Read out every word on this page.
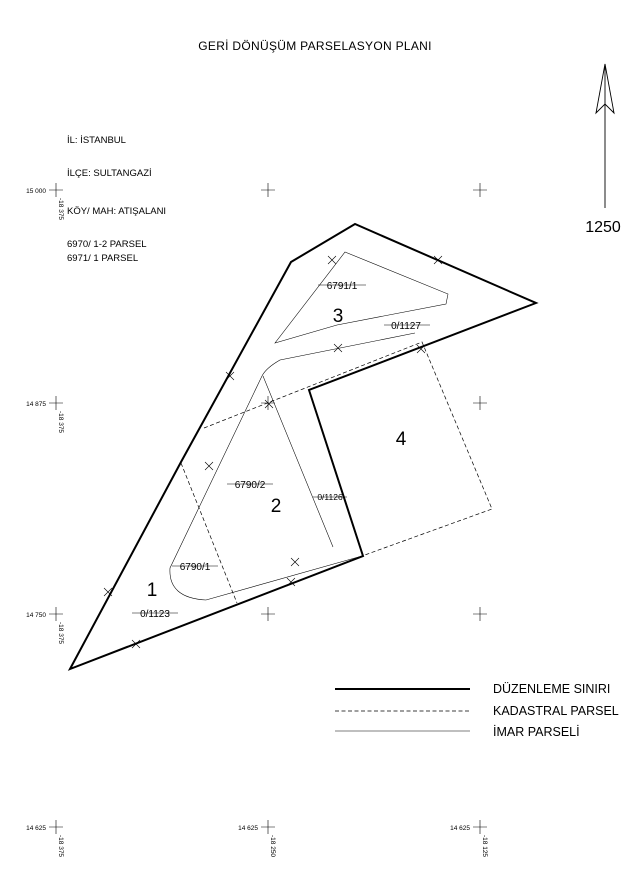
GERİ DÖNÜŞÜM PARSELASYON PLANI
İL: İSTANBUL
İLÇE: SULTANGAZİ
KÖY/ MAH: ATIŞALANI
6970/ 1-2 PARSEL
6971/ 1 PARSEL
1250
15 000
14 875
14 750
14 625	14 625	14 625
-18 375
-18 375
-18 375
-18 375	-18 250	-18 125
1
2
3
4
6791/1
0/1127
6790/2
0/1126
6790/1
0/1123
DÜZENLEME SINIRI
KADASTRAL PARSEL
İMAR PARSELİ
